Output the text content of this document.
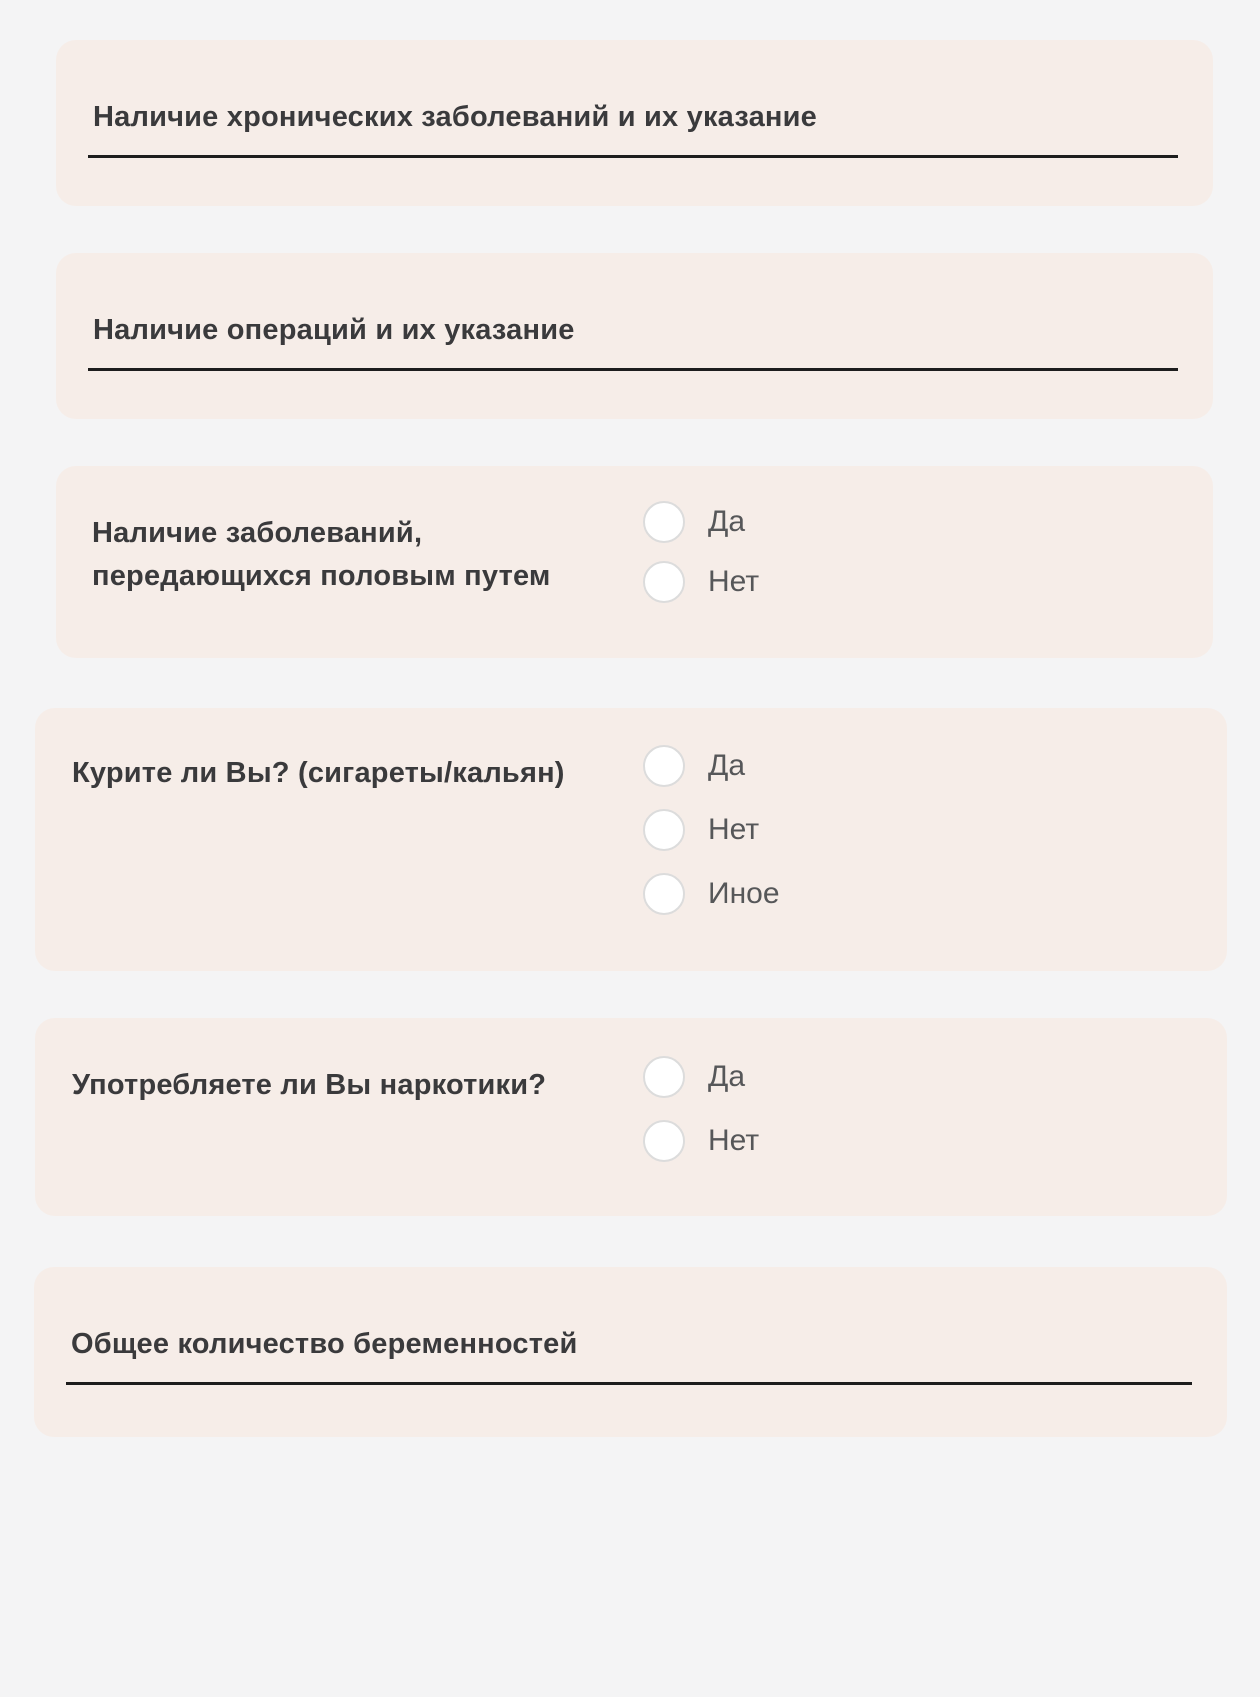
Наличие хронических заболеваний и их указание
Наличие операций и их указание
Наличие заболеваний, передающихся половым путем
Да
Нет
Курите ли Вы? (сигареты/кальян)	Да
Нет
Иное
Употребляете ли Вы наркотики?	Да
Нет
Общее количество беременностей
